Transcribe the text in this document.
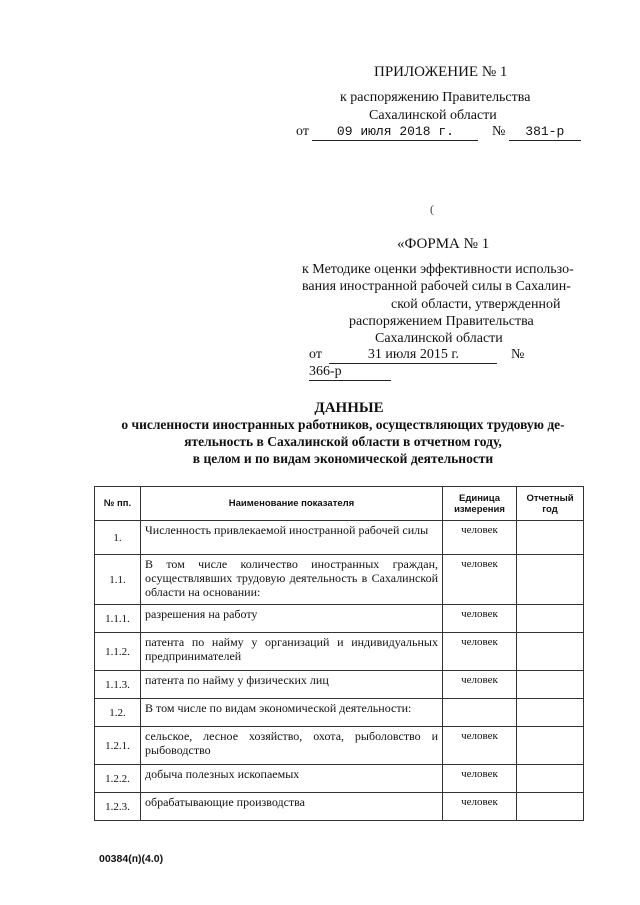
ПРИЛОЖЕНИЕ № 1
к распоряжению Правительства
Сахалинской области
от 09 июля 2018 г.	№ 381-р
(
«ФОРМА № 1
к Методике оценки эффективности использо-
вания иностранной рабочей силы в Сахалин-
ской области, утвержденной
распоряжением Правительства
Сахалинской области
от	31 июля 2015 г.	№ 366-р
ДАННЫЕ
о численности иностранных работников, осуществляющих трудовую де-
ятельность в Сахалинской области в отчетном году,
в целом и по видам экономической деятельности
№ пп.	Наименование показателя	Единица измерения	Отчетный год
1.	Численность привлекаемой иностранной рабочей силы	человек	
1.1.	В том числе количество иностранных граждан, осуществлявших трудовую деятельность в Сахалинской области на основании:	человек	
1.1.1.	разрешения на работу	человек	
1.1.2.	патента по найму у организаций и индивидуальных предпринимателей	человек	
1.1.3.	патента по найму у физических лиц	человек	
1.2.	В том числе по видам экономической деятельности:		
1.2.1.	сельское, лесное хозяйство, охота, рыболовство и рыбоводство	человек	
1.2.2.	добыча полезных ископаемых	человек	
1.2.3.	обрабатывающие производства	человек	
00384(п)(4.0)
